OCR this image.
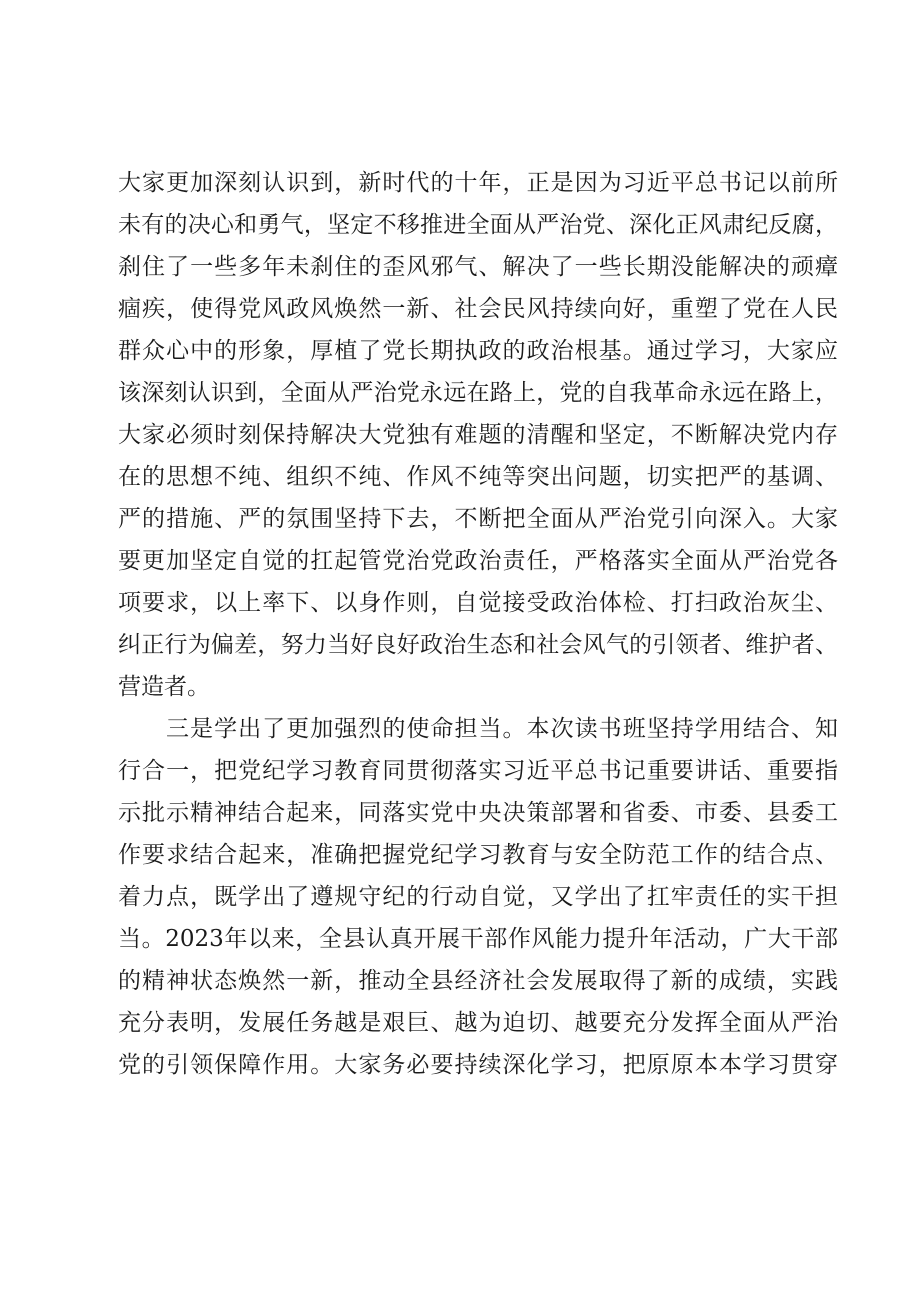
大家更加深刻认识到，新时代的十年，正是因为习近平总书记以前所
未有的决心和勇气，坚定不移推进全面从严治党、深化正风肃纪反腐，
刹住了一些多年未刹住的歪风邪气、解决了一些长期没能解决的顽瘴
痼疾，使得党风政风焕然一新、社会民风持续向好，重塑了党在人民
群众心中的形象，厚植了党长期执政的政治根基。通过学习，大家应
该深刻认识到，全面从严治党永远在路上，党的自我革命永远在路上，
大家必须时刻保持解决大党独有难题的清醒和坚定，不断解决党内存
在的思想不纯、组织不纯、作风不纯等突出问题，切实把严的基调、
严的措施、严的氛围坚持下去，不断把全面从严治党引向深入。大家
要更加坚定自觉的扛起管党治党政治责任，严格落实全面从严治党各
项要求，以上率下、以身作则，自觉接受政治体检、打扫政治灰尘、
纠正行为偏差，努力当好良好政治生态和社会风气的引领者、维护者、
营造者。
三是学出了更加强烈的使命担当。本次读书班坚持学用结合、知
行合一，把党纪学习教育同贯彻落实习近平总书记重要讲话、重要指
示批示精神结合起来，同落实党中央决策部署和省委、市委、县委工
作要求结合起来，准确把握党纪学习教育与安全防范工作的结合点、
着力点，既学出了遵规守纪的行动自觉，又学出了扛牢责任的实干担
当。2023年以来，全县认真开展干部作风能力提升年活动，广大干部
的精神状态焕然一新，推动全县经济社会发展取得了新的成绩，实践
充分表明，发展任务越是艰巨、越为迫切、越要充分发挥全面从严治
党的引领保障作用。大家务必要持续深化学习，把原原本本学习贯穿
